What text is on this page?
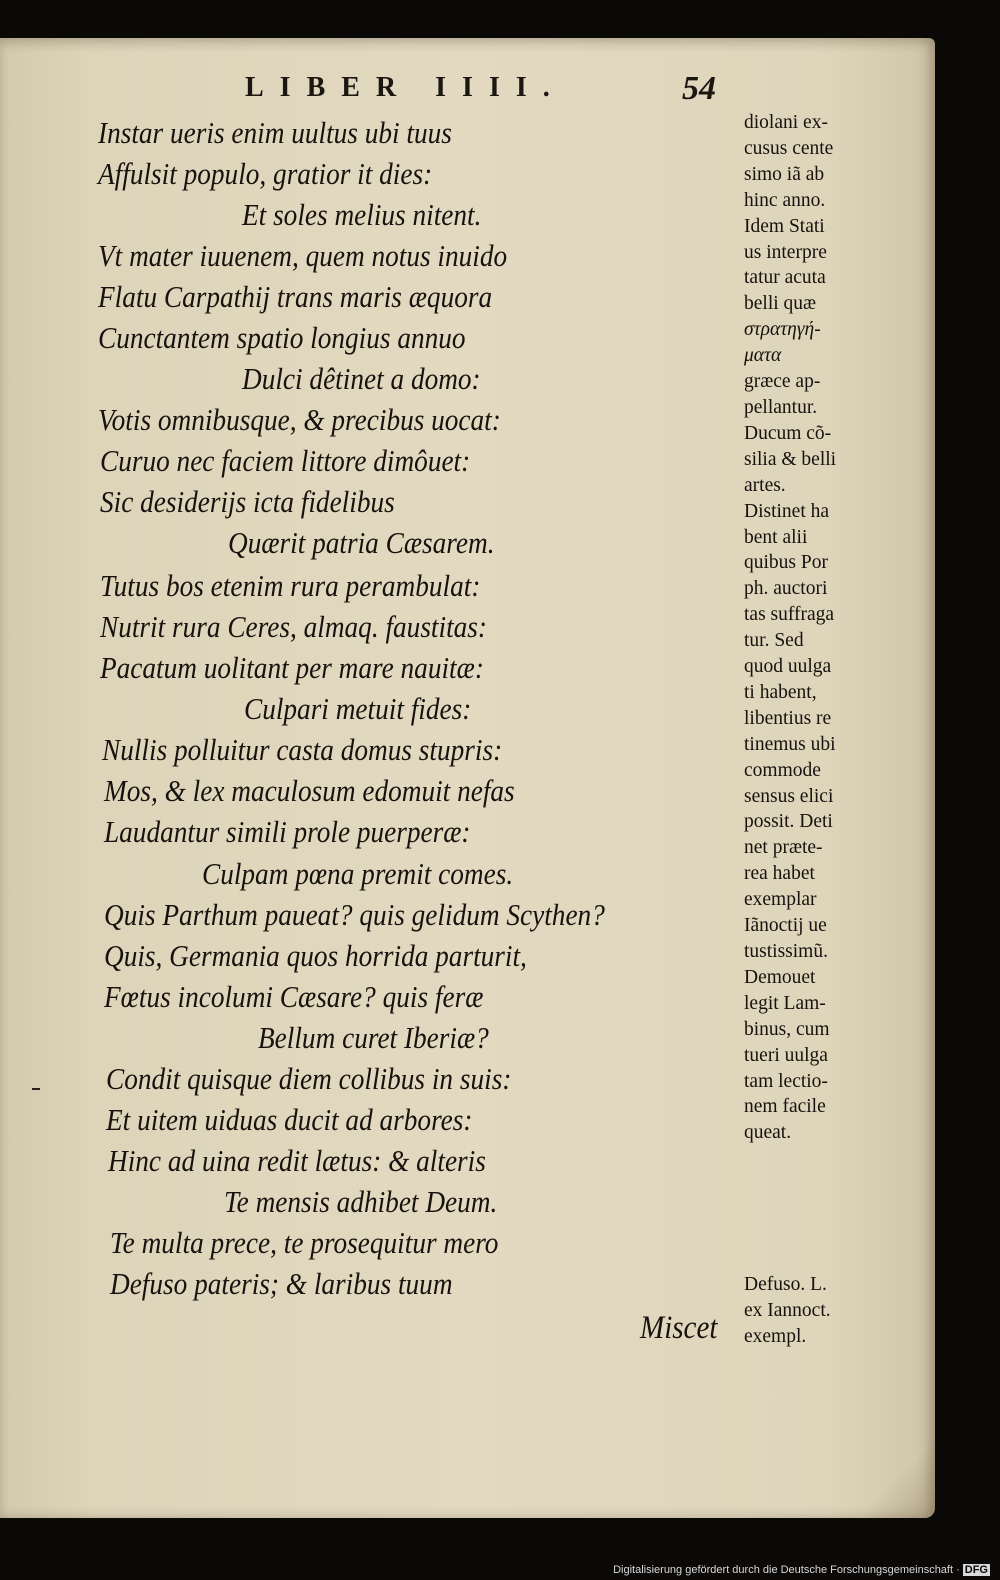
LIBER IIII.	54
Instar ueris enim uultus ubi tuus
Affulsit populo, gratior it dies:
Et soles melius nitent.
Vt mater iuuenem, quem notus inuido
Flatu Carpathij trans maris æquora
Cunctantem spatio longius annuo
Dulci dêtinet a domo:
Votis omnibusque, & precibus uocat:
Curuo nec faciem littore dimôuet:
Sic desiderijs icta fidelibus
Quærit patria Cæsarem.
Tutus bos etenim rura perambulat:
Nutrit rura Ceres, almaq. faustitas:
Pacatum uolitant per mare nauitæ:
Culpari metuit fides:
Nullis polluitur casta domus stupris:
Mos, & lex maculosum edomuit nefas
Laudantur simili prole puerperæ:
Culpam pœna premit comes.
Quis Parthum paueat? quis gelidum Scythen?
Quis, Germania quos horrida parturit,
Fœtus incolumi Cæsare? quis feræ
Bellum curet Iberiæ?
Condit quisque diem collibus in suis:
Et uitem uiduas ducit ad arbores:
Hinc ad uina redit lætus: & alteris
Te mensis adhibet Deum.
Te multa prece, te prosequitur mero
Defuso pateris; & laribus tuum
Miscet
diolani ex-
cusus cente
simo iã ab
hinc anno.
Idem Stati
us interpre
tatur acuta
belli quæ
στρατηγή-
ματα
græce ap-
pellantur.
Ducum cõ-
silia & belli
artes.
Distinet ha
bent alii
quibus Por
ph. auctori
tas suffraga
tur. Sed
quod uulga
ti habent,
libentius re
tinemus ubi
commode
sensus elici
possit. Deti
net præte-
rea habet
exemplar
Iãnoctij ue
tustissimũ.
Demouet
legit Lam-
binus, cum
tueri uulga
tam lectio-
nem facile
queat.
Defuso. L.
ex Iannoct.
exempl.
Digitalisierung gefördert durch die Deutsche Forschungsgemeinschaft · DFG
